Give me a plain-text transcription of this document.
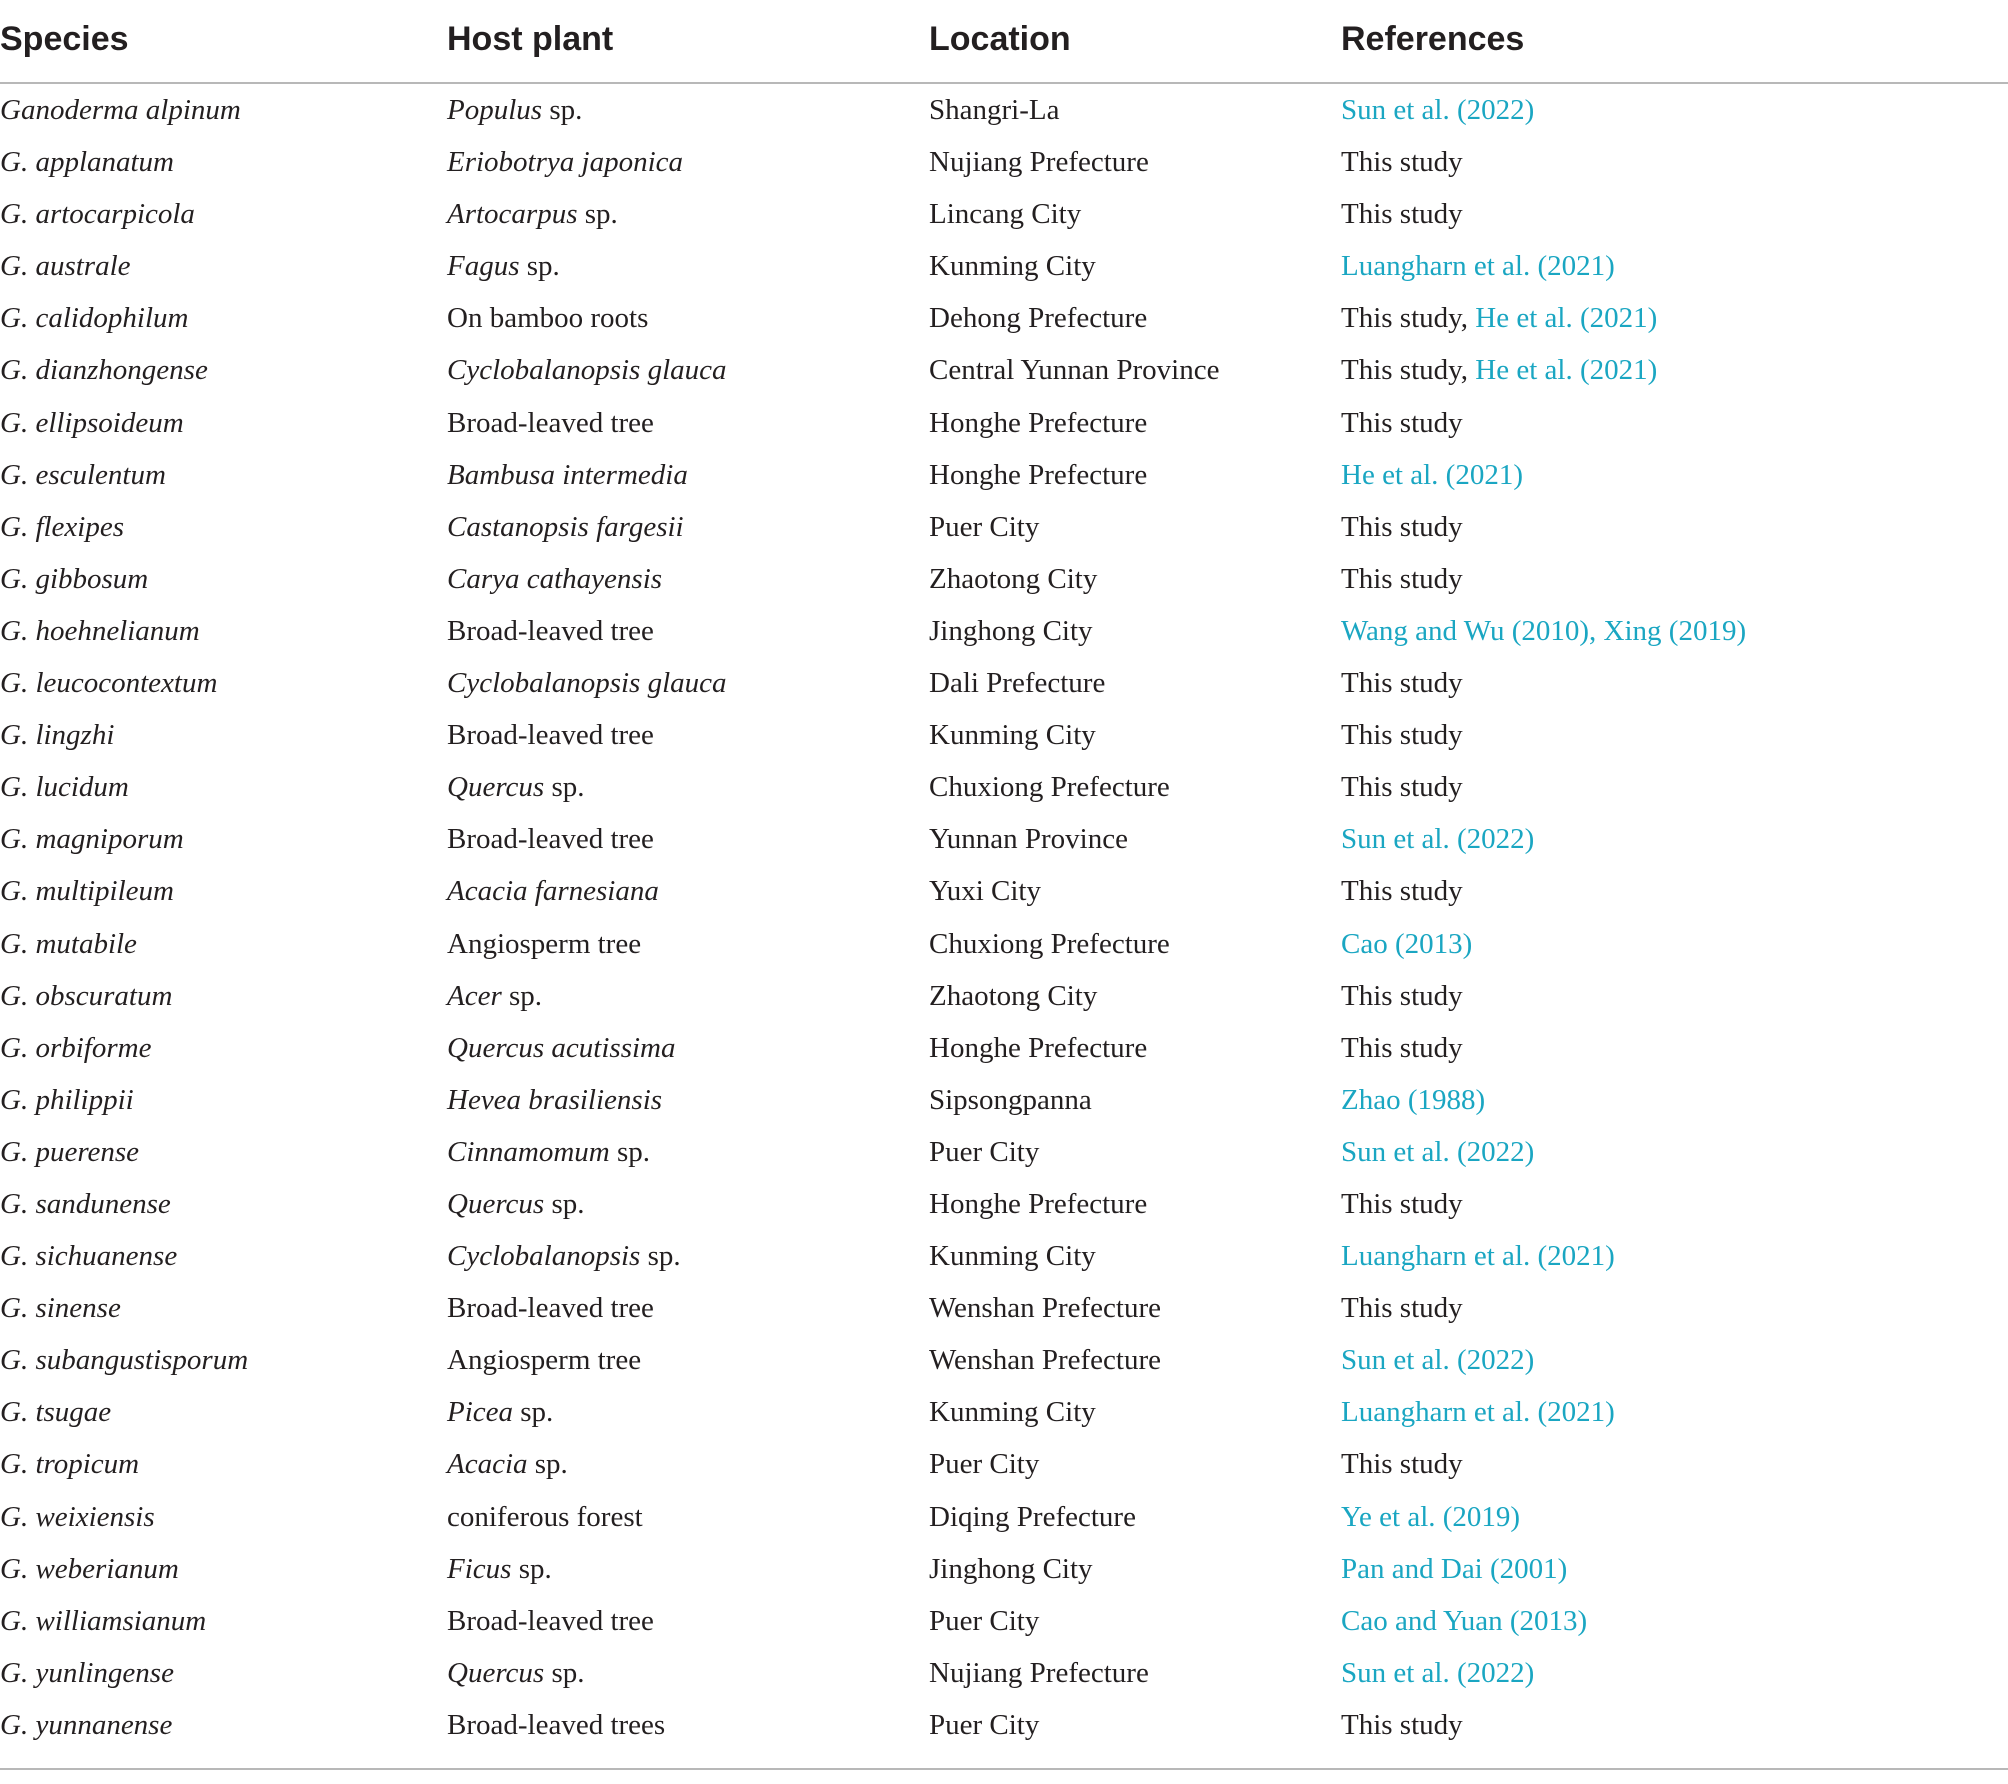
Species	Host plant	Location	References
Ganoderma alpinum	Populus sp.	Shangri-La	Sun et al. (2022)
G. applanatum	Eriobotrya japonica	Nujiang Prefecture	This study
G. artocarpicola	Artocarpus sp.	Lincang City	This study
G. australe	Fagus sp.	Kunming City	Luangharn et al. (2021)
G. calidophilum	On bamboo roots	Dehong Prefecture	This study, He et al. (2021)
G. dianzhongense	Cyclobalanopsis glauca	Central Yunnan Province	This study, He et al. (2021)
G. ellipsoideum	Broad-leaved tree	Honghe Prefecture	This study
G. esculentum	Bambusa intermedia	Honghe Prefecture	He et al. (2021)
G. flexipes	Castanopsis fargesii	Puer City	This study
G. gibbosum	Carya cathayensis	Zhaotong City	This study
G. hoehnelianum	Broad-leaved tree	Jinghong City	Wang and Wu (2010), Xing (2019)
G. leucocontextum	Cyclobalanopsis glauca	Dali Prefecture	This study
G. lingzhi	Broad-leaved tree	Kunming City	This study
G. lucidum	Quercus sp.	Chuxiong Prefecture	This study
G. magniporum	Broad-leaved tree	Yunnan Province	Sun et al. (2022)
G. multipileum	Acacia farnesiana	Yuxi City	This study
G. mutabile	Angiosperm tree	Chuxiong Prefecture	Cao (2013)
G. obscuratum	Acer sp.	Zhaotong City	This study
G. orbiforme	Quercus acutissima	Honghe Prefecture	This study
G. philippii	Hevea brasiliensis	Sipsongpanna	Zhao (1988)
G. puerense	Cinnamomum sp.	Puer City	Sun et al. (2022)
G. sandunense	Quercus sp.	Honghe Prefecture	This study
G. sichuanense	Cyclobalanopsis sp.	Kunming City	Luangharn et al. (2021)
G. sinense	Broad-leaved tree	Wenshan Prefecture	This study
G. subangustisporum	Angiosperm tree	Wenshan Prefecture	Sun et al. (2022)
G. tsugae	Picea sp.	Kunming City	Luangharn et al. (2021)
G. tropicum	Acacia sp.	Puer City	This study
G. weixiensis	coniferous forest	Diqing Prefecture	Ye et al. (2019)
G. weberianum	Ficus sp.	Jinghong City	Pan and Dai (2001)
G. williamsianum	Broad-leaved tree	Puer City	Cao and Yuan (2013)
G. yunlingense	Quercus sp.	Nujiang Prefecture	Sun et al. (2022)
G. yunnanense	Broad-leaved trees	Puer City	This study
